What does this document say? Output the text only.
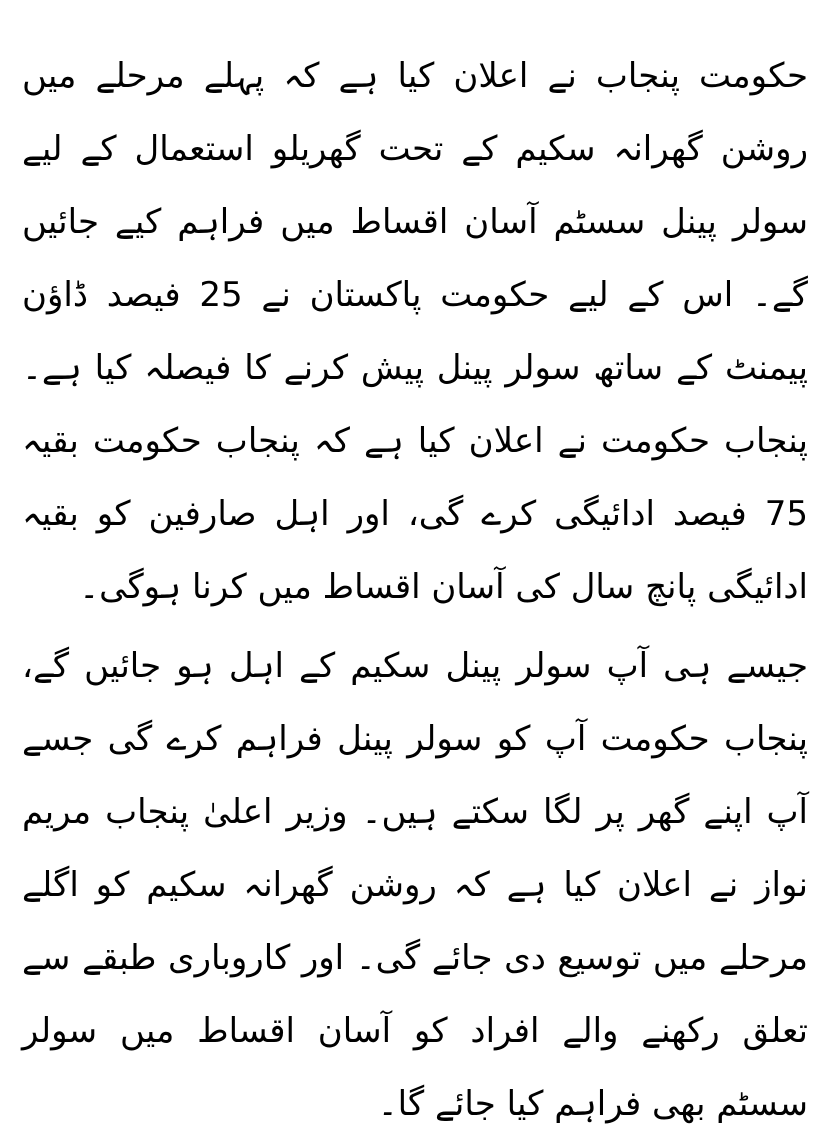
حکومت پنجاب نے اعلان کیا ہے کہ پہلے مرحلے میں روشن گھرانہ سکیم کے تحت گھریلو استعمال کے لیے سولر پینل سسٹم آسان اقساط میں فراہم کیے جائیں گے۔ اس کے لیے حکومت پاکستان نے 25 فیصد ڈاؤن پیمنٹ کے ساتھ سولر پینل پیش کرنے کا فیصلہ کیا ہے۔ پنجاب حکومت نے اعلان کیا ہے کہ پنجاب حکومت بقیہ 75 فیصد ادائیگی کرے گی، اور اہل صارفین کو بقیہ ادائیگی پانچ سال کی آسان اقساط میں کرنا ہوگی۔

جیسے ہی آپ سولر پینل سکیم کے اہل ہو جائیں گے، پنجاب حکومت آپ کو سولر پینل فراہم کرے گی جسے آپ اپنے گھر پر لگا سکتے ہیں۔ وزیر اعلیٰ پنجاب مریم نواز نے اعلان کیا ہے کہ روشن گھرانہ سکیم کو اگلے مرحلے میں توسیع دی جائے گی۔ اور کاروباری طبقے سے تعلق رکھنے والے افراد کو آسان اقساط میں سولر سسٹم بھی فراہم کیا جائے گا۔
